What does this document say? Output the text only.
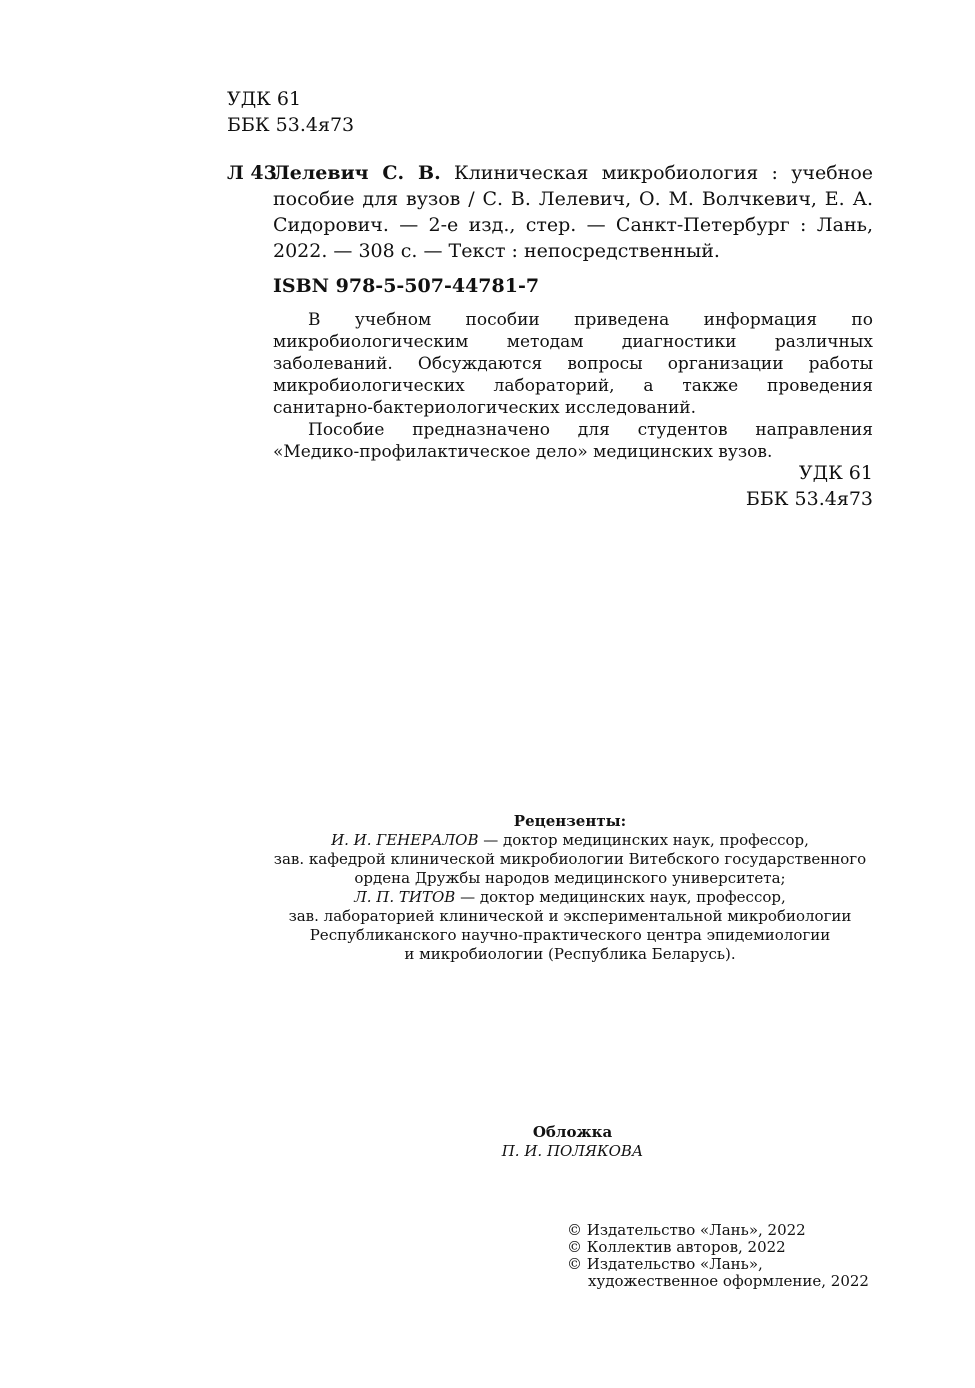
УДК 61
ББК 53.4я73
Л 43
Лелевич С. В. Клиническая микробиология : учебное пособие для вузов / С. В. Лелевич, О. М. Волчкевич, Е. А. Сидорович. — 2-е изд., стер. — Санкт-Петербург : Лань, 2022. — 308 с. — Текст : непосредственный.
ISBN 978-5-507-44781-7

В учебном пособии приведена информация по микробиологическим методам диагностики различных заболеваний. Обсуждаются вопросы организации работы микробиологических лабораторий, а также проведения санитарно-бактериологических исследований.

Пособие предназначено для студентов направления «Медико-профилактическое дело» медицинских вузов.

УДК 61
ББК 53.4я73
Рецензенты:
И. И. ГЕНЕРАЛОВ — доктор медицинских наук, профессор,
зав. кафедрой клинической микробиологии Витебского государственного
ордена Дружбы народов медицинского университета;
Л. П. ТИТОВ — доктор медицинских наук, профессор,
зав. лабораторией клинической и экспериментальной микробиологии
Республиканского научно-практического центра эпидемиологии
и микробиологии (Республика Беларусь).
Обложка
П. И. ПОЛЯКОВА
© Издательство «Лань», 2022
© Коллектив авторов, 2022
© Издательство «Лань»,
художественное оформление, 2022
